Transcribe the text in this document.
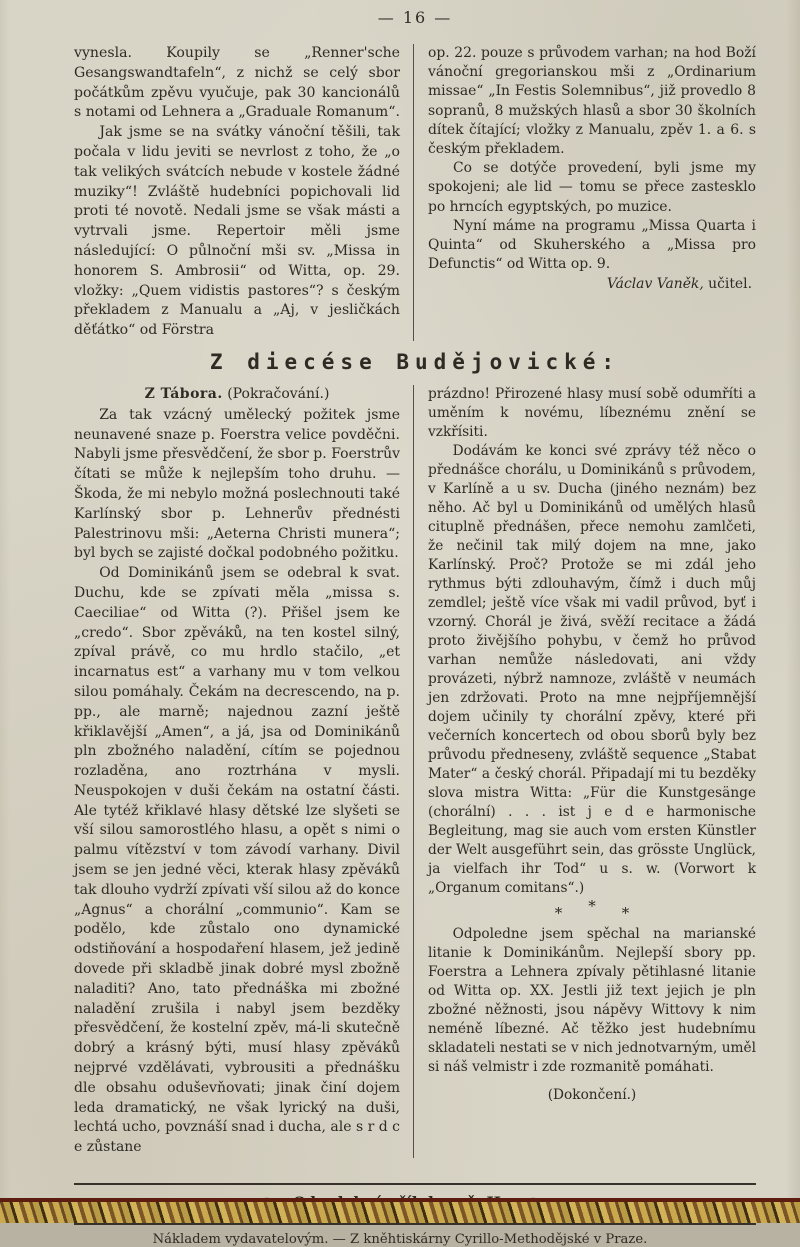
— 16 —

vynesla. Koupily se „Renner'sche Gesangswandtafeln“, z nichž se celý sbor počátkům zpěvu vyučuje, pak 30 kancionálů s notami od Lehnera a „Graduale Romanum“.

Jak jsme se na svátky vánoční těšili, tak počala v lidu jeviti se nevrlost z toho, že „o tak velikých svátcích nebude v kostele žádné muziky“! Zvláště hudebníci popichovali lid proti té novotě. Nedali jsme se však másti a vytrvali jsme. Repertoir měli jsme následující: O půlnoční mši sv. „Missa in honorem S. Ambrosii“ od Witta, op. 29. vložky: „Quem vidistis pastores“? s českým překladem z Manualu a „Aj, v jesličkách děťátko“ od Förstra

op. 22. pouze s průvodem varhan; na hod Boží vánoční gregorianskou mši z „Ordinarium missae“ „In Festis Solemnibus“, již provedlo 8 sopranů, 8 mužských hlasů a sbor 30 školních dítek čítající; vložky z Manualu, zpěv 1. a 6. s českým překladem.

Co se dotýče provedení, byli jsme my spokojeni; ale lid — tomu se přece zastesklo po hrncích egyptských, po muzice.

Nyní máme na programu „Missa Quarta i Quinta“ od Skuherského a „Missa pro Defunctis“ od Witta op. 9.

Václav Vaněk, učitel.

Z diecése Budějovické:

Z Tábora. (Pokračování.)

Za tak vzácný umělecký požitek jsme neunavené snaze p. Foerstra velice povděčni. Nabyli jsme přesvědčení, že sbor p. Foerstrův čítati se může k nejlepším toho druhu. — Škoda, že mi nebylo možná poslechnouti také Karlínský sbor p. Lehnerův přednésti Palestrinovu mši: „Aeterna Christi munera“; byl bych se zajisté dočkal podobného požitku.

Od Dominikánů jsem se odebral k svat. Duchu, kde se zpívati měla „missa s. Caeciliae“ od Witta (?). Přišel jsem ke „credo“. Sbor zpěváků, na ten kostel silný, zpíval právě, co mu hrdlo stačilo, „et incarnatus est“ a varhany mu v tom velkou silou pomáhaly. Čekám na decrescendo, na p. pp., ale marně; najednou zazní ještě křiklavější „Amen“, a já, jsa od Dominikánů pln zbožného naladění, cítím se pojednou rozladěna, ano roztrhána v mysli. Neuspokojen v duši čekám na ostatní části. Ale tytéž křiklavé hlasy dětské lze slyšeti se vší silou samorostlého hlasu, a opět s nimi o palmu vítězství v tom závodí varhany. Divil jsem se jen jedné věci, kterak hlasy zpěváků tak dlouho vydrží zpívati vší silou až do konce „Agnus“ a chorální „communio“. Kam se podělo, kde zůstalo ono dynamické odstiňování a hospodaření hlasem, jež jedině dovede při skladbě jinak dobré mysl zbožně naladiti? Ano, tato přednáška mi zbožné naladění zrušila i nabyl jsem bezděky přesvědčení, že kostelní zpěv, má-li skutečně dobrý a krásný býti, musí hlasy zpěváků nejprvé vzdělávati, vybrousiti a přednášku dle obsahu oduševňovati; jinak činí dojem leda dramatický, ne však lyrický na duši, lechtá ucho, povznáší snad i ducha, ale s r d c e zůstane

prázdno! Přirozené hlasy musí sobě odumříti a uměním k novému, líbeznému znění se vzkřísiti.

Dodávám ke konci své zprávy též něco o přednášce chorálu, u Dominikánů s průvodem, v Karlíně a u sv. Ducha (jiného neznám) bez něho. Ač byl u Dominikánů od umělých hlasů cituplně přednášen, přece nemohu zamlčeti, že nečinil tak milý dojem na mne, jako Karlínský. Proč? Protože se mi zdál jeho rythmus býti zdlouhavým, čímž i duch můj zemdlel; ještě více však mi vadil průvod, byť i vzorný. Chorál je živá, svěží recitace a žádá proto živějšího pohybu, v čemž ho průvod varhan nemůže následovati, ani vždy provázeti, nýbrž namnoze, zvláště v neumách jen zdržovati. Proto na mne nejpříjemnější dojem učinily ty chorální zpěvy, které při večerních koncertech od obou sborů byly bez průvodu předneseny, zvláště sequence „Stabat Mater“ a český chorál. Připadají mi tu bezděky slova mistra Witta: „Für die Kunstgesänge (chorální) . . . ist j e d e harmonische Begleitung, mag sie auch vom ersten Künstler der Welt ausgeführt sein, das grösste Unglück, ja vielfach ihr Tod“ u s. w. (Vorwort k „Organum comitans“.)

* * *

Odpoledne jsem spěchal na marianské litanie k Dominikánům. Nejlepší sbory pp. Foerstra a Lehnera zpívaly pětihlasné litanie od Witta op. XX. Jestli již text jejich je pln zbožné něžnosti, jsou nápěvy Wittovy k nim neméně líbezné. Ač těžko jest hudebnímu skladateli nestati se v nich jednotvarným, uměl si náš velmistr i zde rozmanitě pomáhati.

(Dokončení.)

Nákladem vydavatelovým. — Z kněhtiskárny Cyrillo-Methodějské v Praze.
